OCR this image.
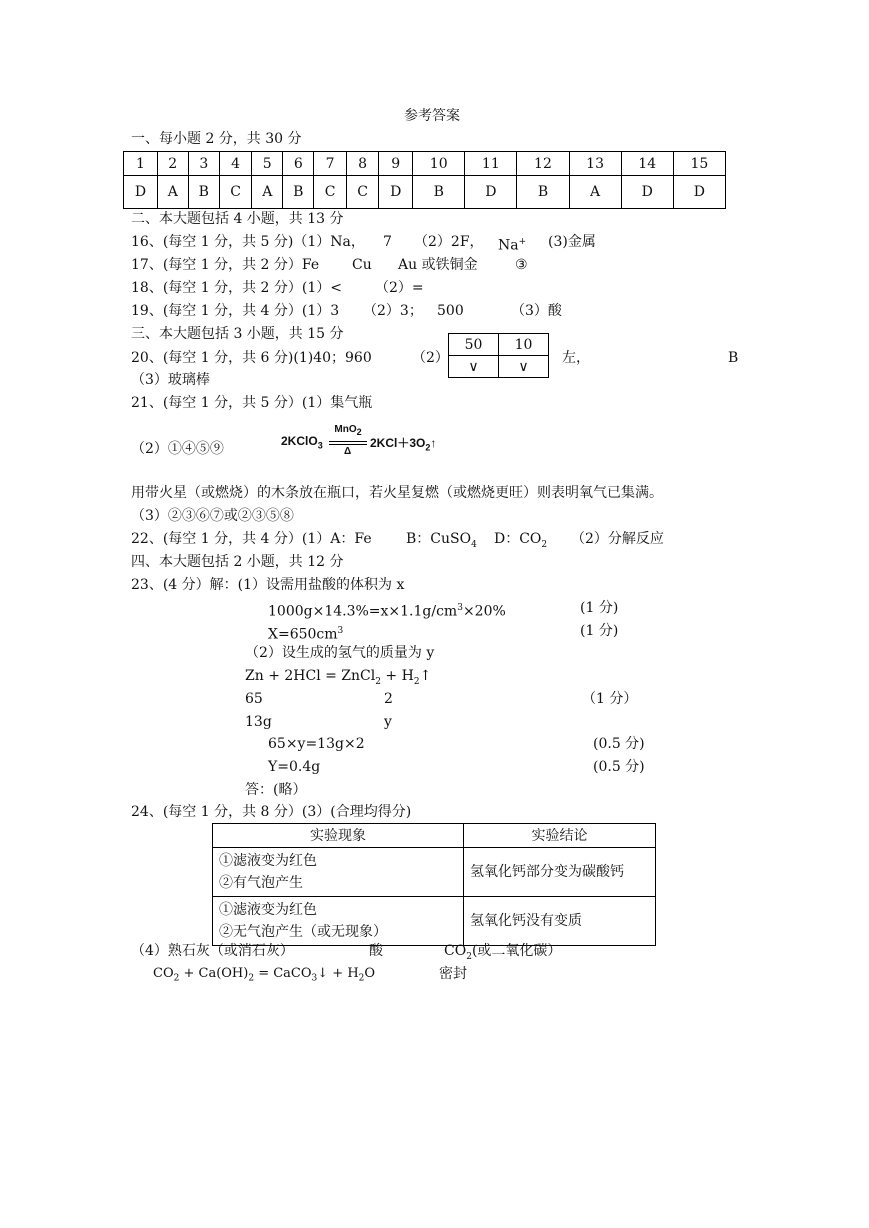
参考答案
一、每小题 2 分，共 30 分
1	2	3	4	5	6	7	8	9	10	11	12	13	14	15
D	A	B	C	A	B	C	C	D	B	D	B	A	D	D
二、本大题包括 4 小题，共 13 分
16、(每空 1 分，共 5 分)（1）Na， 7 （2）2F， Na+ (3)金属
17、(每空 1 分，共 2 分）Fe Cu Au 或铁铜金	③
18、(每空 1 分，共 2 分）(1）< （2）=
19、(每空 1 分，共 4 分）(1）3 （2）3； 500	（3）酸
三、本大题包括 3 小题，共 15 分
20、(每空 1 分，共 6 分)(1)40；960	（2）
50	10
∨	∨
左，	B
（3）玻璃棒
21、(每空 1 分，共 5 分）(1）集气瓶
（2）①④⑤⑨	2KClO$_3$
MnO$_2$
Δ
$2KCl+3O_2↑$
用带火星（或燃烧）的木条放在瓶口，若火星复燃（或燃烧更旺）则表明氧气已集满。
（3）②③⑥⑦或②③⑤⑧
22、(每空 1 分，共 4 分）(1）A：Fe B：CuSO$_4$ D：$CO_2$ （2）分解反应
四、本大题包括 2 小题，共 12 分
23、(4 分）解：(1）设需用盐酸的体积为 x
$1000g\times 14.3\%=x\times 1.1g/cm^3\times 20\%$	(1 分)
$X=650cm^3$	(1 分)
（2）设生成的氢气的质量为 y
Zn + 2HCl = ZnCl$_2$ + $H_2↑$
65	2	（1 分）
13g	y
65×y=13g×2	(0.5 分)
Y=0.4g	(0.5 分)
答：(略）
24、(每空 1 分，共 8 分）(3）(合理均得分)
实验现象	实验结论

①滤液变为红色
②有气泡产生	氢氧化钙部分变为碳酸钙

①滤液变为红色
②无气泡产生（或无现象）	氢氧化钙没有变质
（4）熟石灰（或消石灰）	酸	$CO_2$(或二氧化碳）
$CO_2 + Ca(OH)_2$ = CaCO$_3$↓ + $H_2O$	密封
